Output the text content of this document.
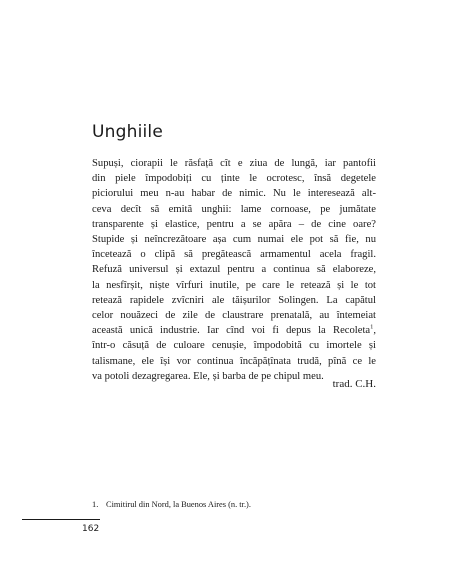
Unghiile
Supuși, ciorapii le răsfață cît e ziua de lungă, iar pantofii
din piele împodobiți cu ținte le ocrotesc, însă degetele
piciorului meu n-au habar de nimic. Nu le interesează alt-
ceva decît să emită unghii: lame cornoase, pe jumătate
transparente și elastice, pentru a se apăra – de cine oare?
Stupide și neîncrezătoare așa cum numai ele pot să fie, nu
încetează o clipă să pregătească armamentul acela fragil.
Refuză universul și extazul pentru a continua să elaboreze,
la nesfîrșit, niște vîrfuri inutile, pe care le retează și le tot
retează rapidele zvîcniri ale tăișurilor Solingen. La capătul
celor nouăzeci de zile de claustrare prenatală, au întemeiat
această unică industrie. Iar cînd voi fi depus la Recoleta$^1$,
într-o căsuță de culoare cenușie, împodobită cu imortele și
talismane, ele își vor continua încăpățînata trudă, pînă ce le
va potoli dezagregarea. Ele, și barba de pe chipul meu.
trad. C.H.
1. Cimitirul din Nord, la Buenos Aires (n. tr.).
162
